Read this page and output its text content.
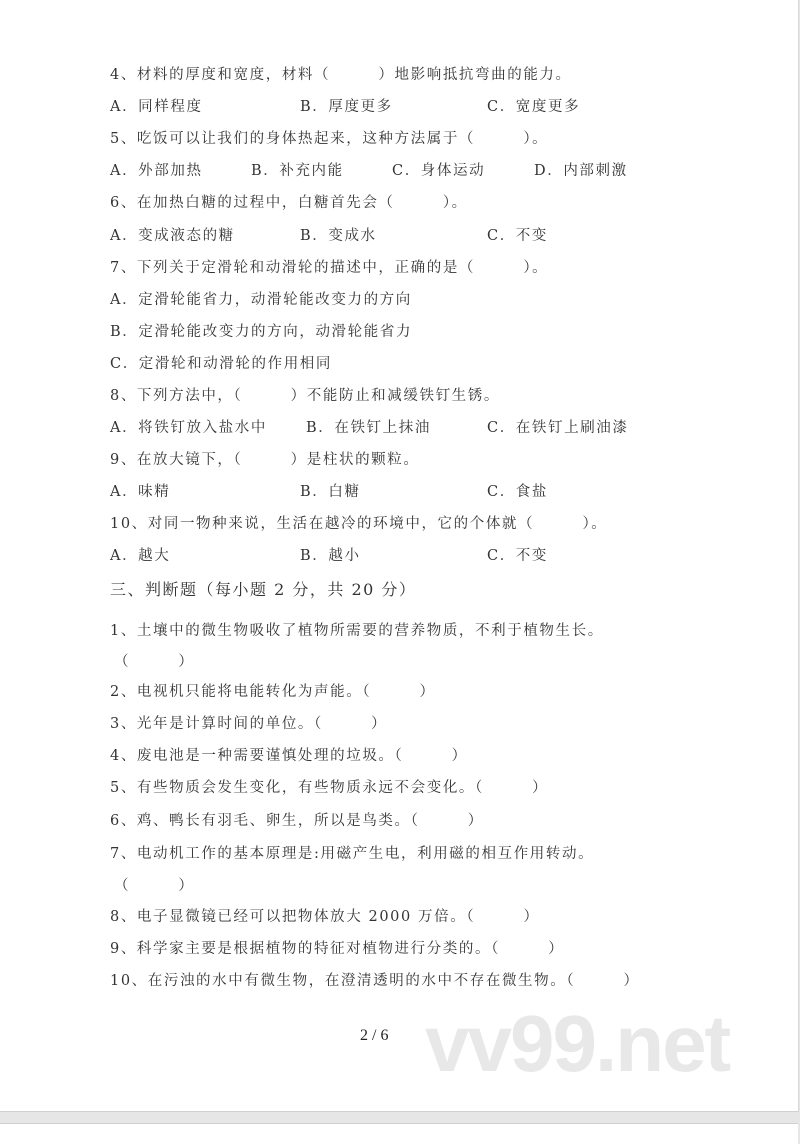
vv99.net
4、材料的厚度和宽度，材料（　　　）地影响抵抗弯曲的能力。
A．同样程度	B．厚度更多	C．宽度更多
5、吃饭可以让我们的身体热起来，这种方法属于（　　　）。
A．外部加热	B．补充内能	C．身体运动	D．内部刺激
6、在加热白糖的过程中，白糖首先会（　　　）。
A．变成液态的糖	B．变成水	C．不变
7、下列关于定滑轮和动滑轮的描述中，正确的是（　　　）。
A．定滑轮能省力，动滑轮能改变力的方向
B．定滑轮能改变力的方向，动滑轮能省力
C．定滑轮和动滑轮的作用相同
8、下列方法中，（　　　）不能防止和减缓铁钉生锈。
A．将铁钉放入盐水中	B．在铁钉上抹油	C．在铁钉上刷油漆
9、在放大镜下，（　　　）是柱状的颗粒。
A．味精	B．白糖	C．食盐
10、对同一物种来说，生活在越冷的环境中，它的个体就（　　　）。
A．越大	B．越小	C．不变
三、判断题（每小题 2 分，共 20 分）
1、土壤中的微生物吸收了植物所需要的营养物质，不利于植物生长。
（　　　）
2、电视机只能将电能转化为声能。（　　　）
3、光年是计算时间的单位。（　　　）
4、废电池是一种需要谨慎处理的垃圾。（　　　）
5、有些物质会发生变化，有些物质永远不会变化。（　　　）
6、鸡、鸭长有羽毛、卵生，所以是鸟类。（　　　）
7、电动机工作的基本原理是:用磁产生电，利用磁的相互作用转动。
（　　　）
8、电子显微镜已经可以把物体放大 2000 万倍。（　　　）
9、科学家主要是根据植物的特征对植物进行分类的。（　　　）
10、在污浊的水中有微生物，在澄清透明的水中不存在微生物。（　　　）
2 / 6
